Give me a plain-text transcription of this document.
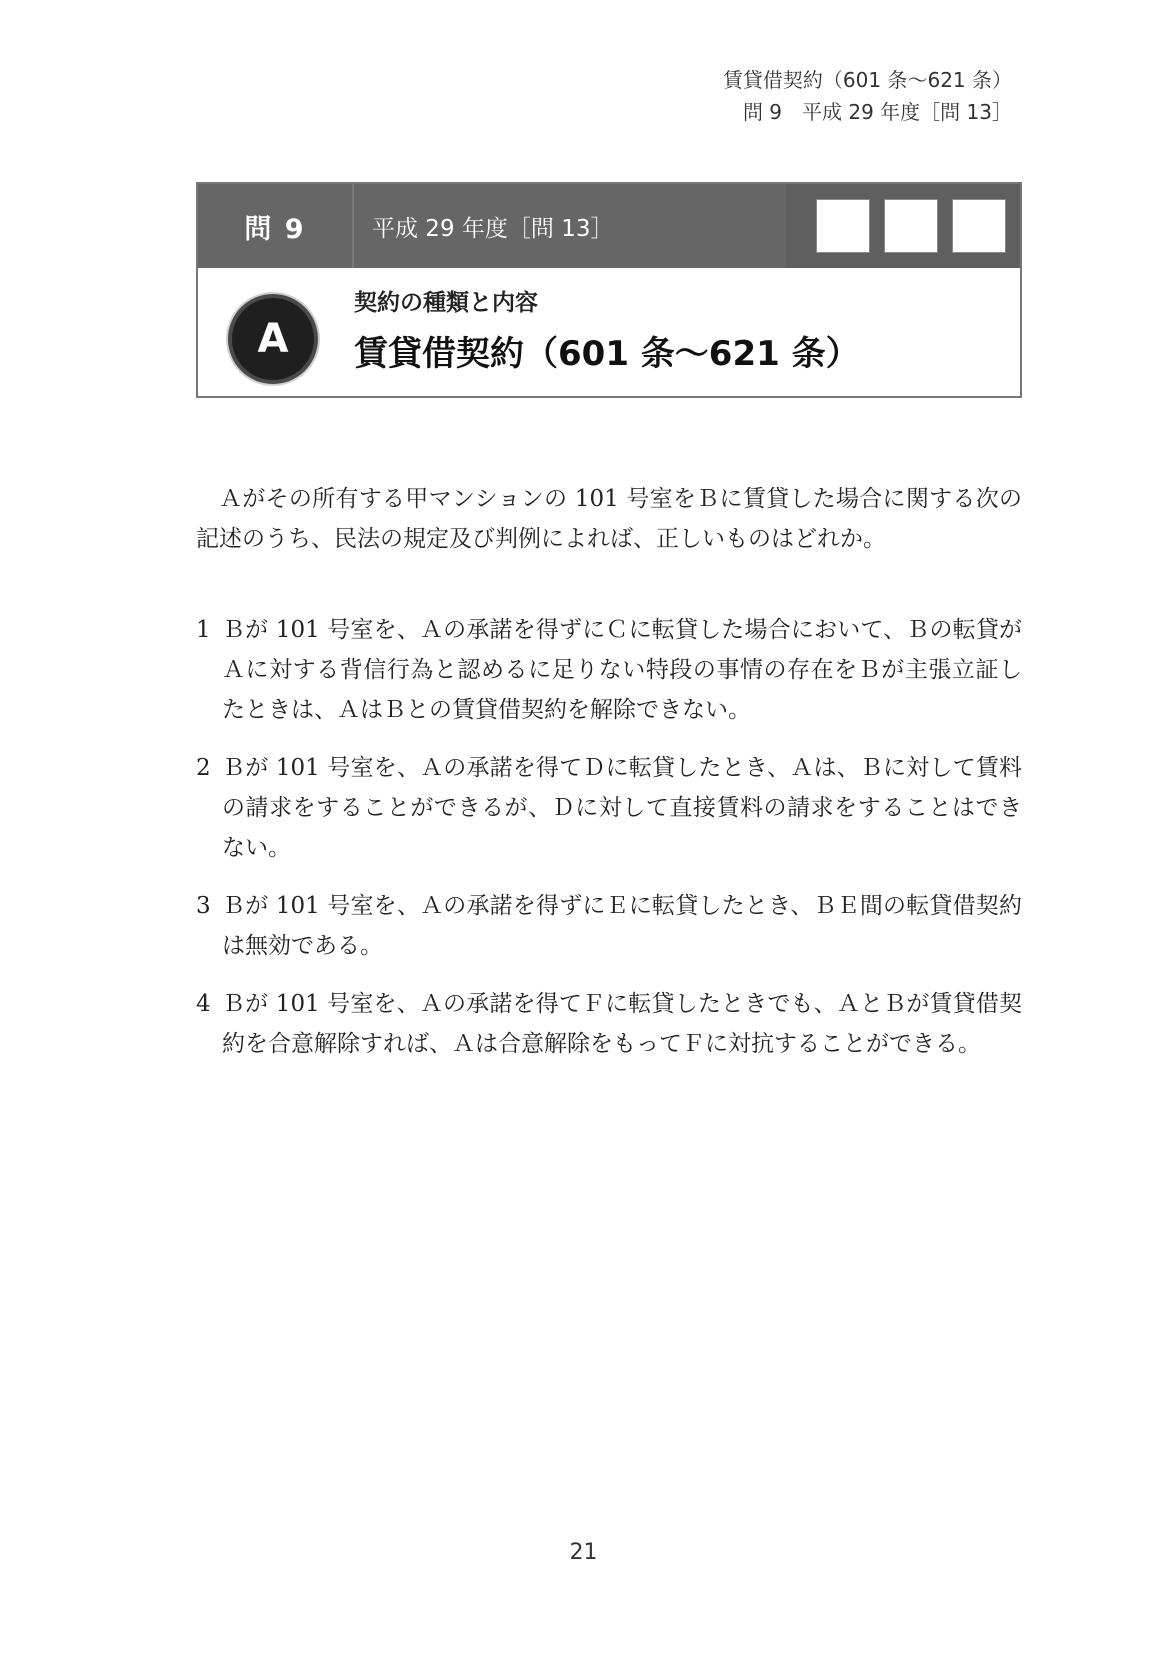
賃貸借契約（601 条〜621 条）
問 9　平成 29 年度［問 13］
問 9	平成 29 年度［問 13］
A
契約の種類と内容
賃貸借契約（601 条〜621 条）

Ａがその所有する甲マンションの 101 号室をＢに賃貸した場合に関する次の記述のうち、民法の規定及び判例によれば、正しいものはどれか。

1 Ｂが 101 号室を、Ａの承諾を得ずにＣに転貸した場合において、Ｂの転貸がＡに対する背信行為と認めるに足りない特段の事情の存在をＢが主張立証したときは、ＡはＢとの賃貸借契約を解除できない。
2 Ｂが 101 号室を、Ａの承諾を得てＤに転貸したとき、Ａは、Ｂに対して賃料の請求をすることができるが、Ｄに対して直接賃料の請求をすることはできない。
3 Ｂが 101 号室を、Ａの承諾を得ずにＥに転貸したとき、ＢＥ間の転貸借契約は無効である。
4 Ｂが 101 号室を、Ａの承諾を得てＦに転貸したときでも、ＡとＢが賃貸借契約を合意解除すれば、Ａは合意解除をもってＦに対抗することができる。
21
